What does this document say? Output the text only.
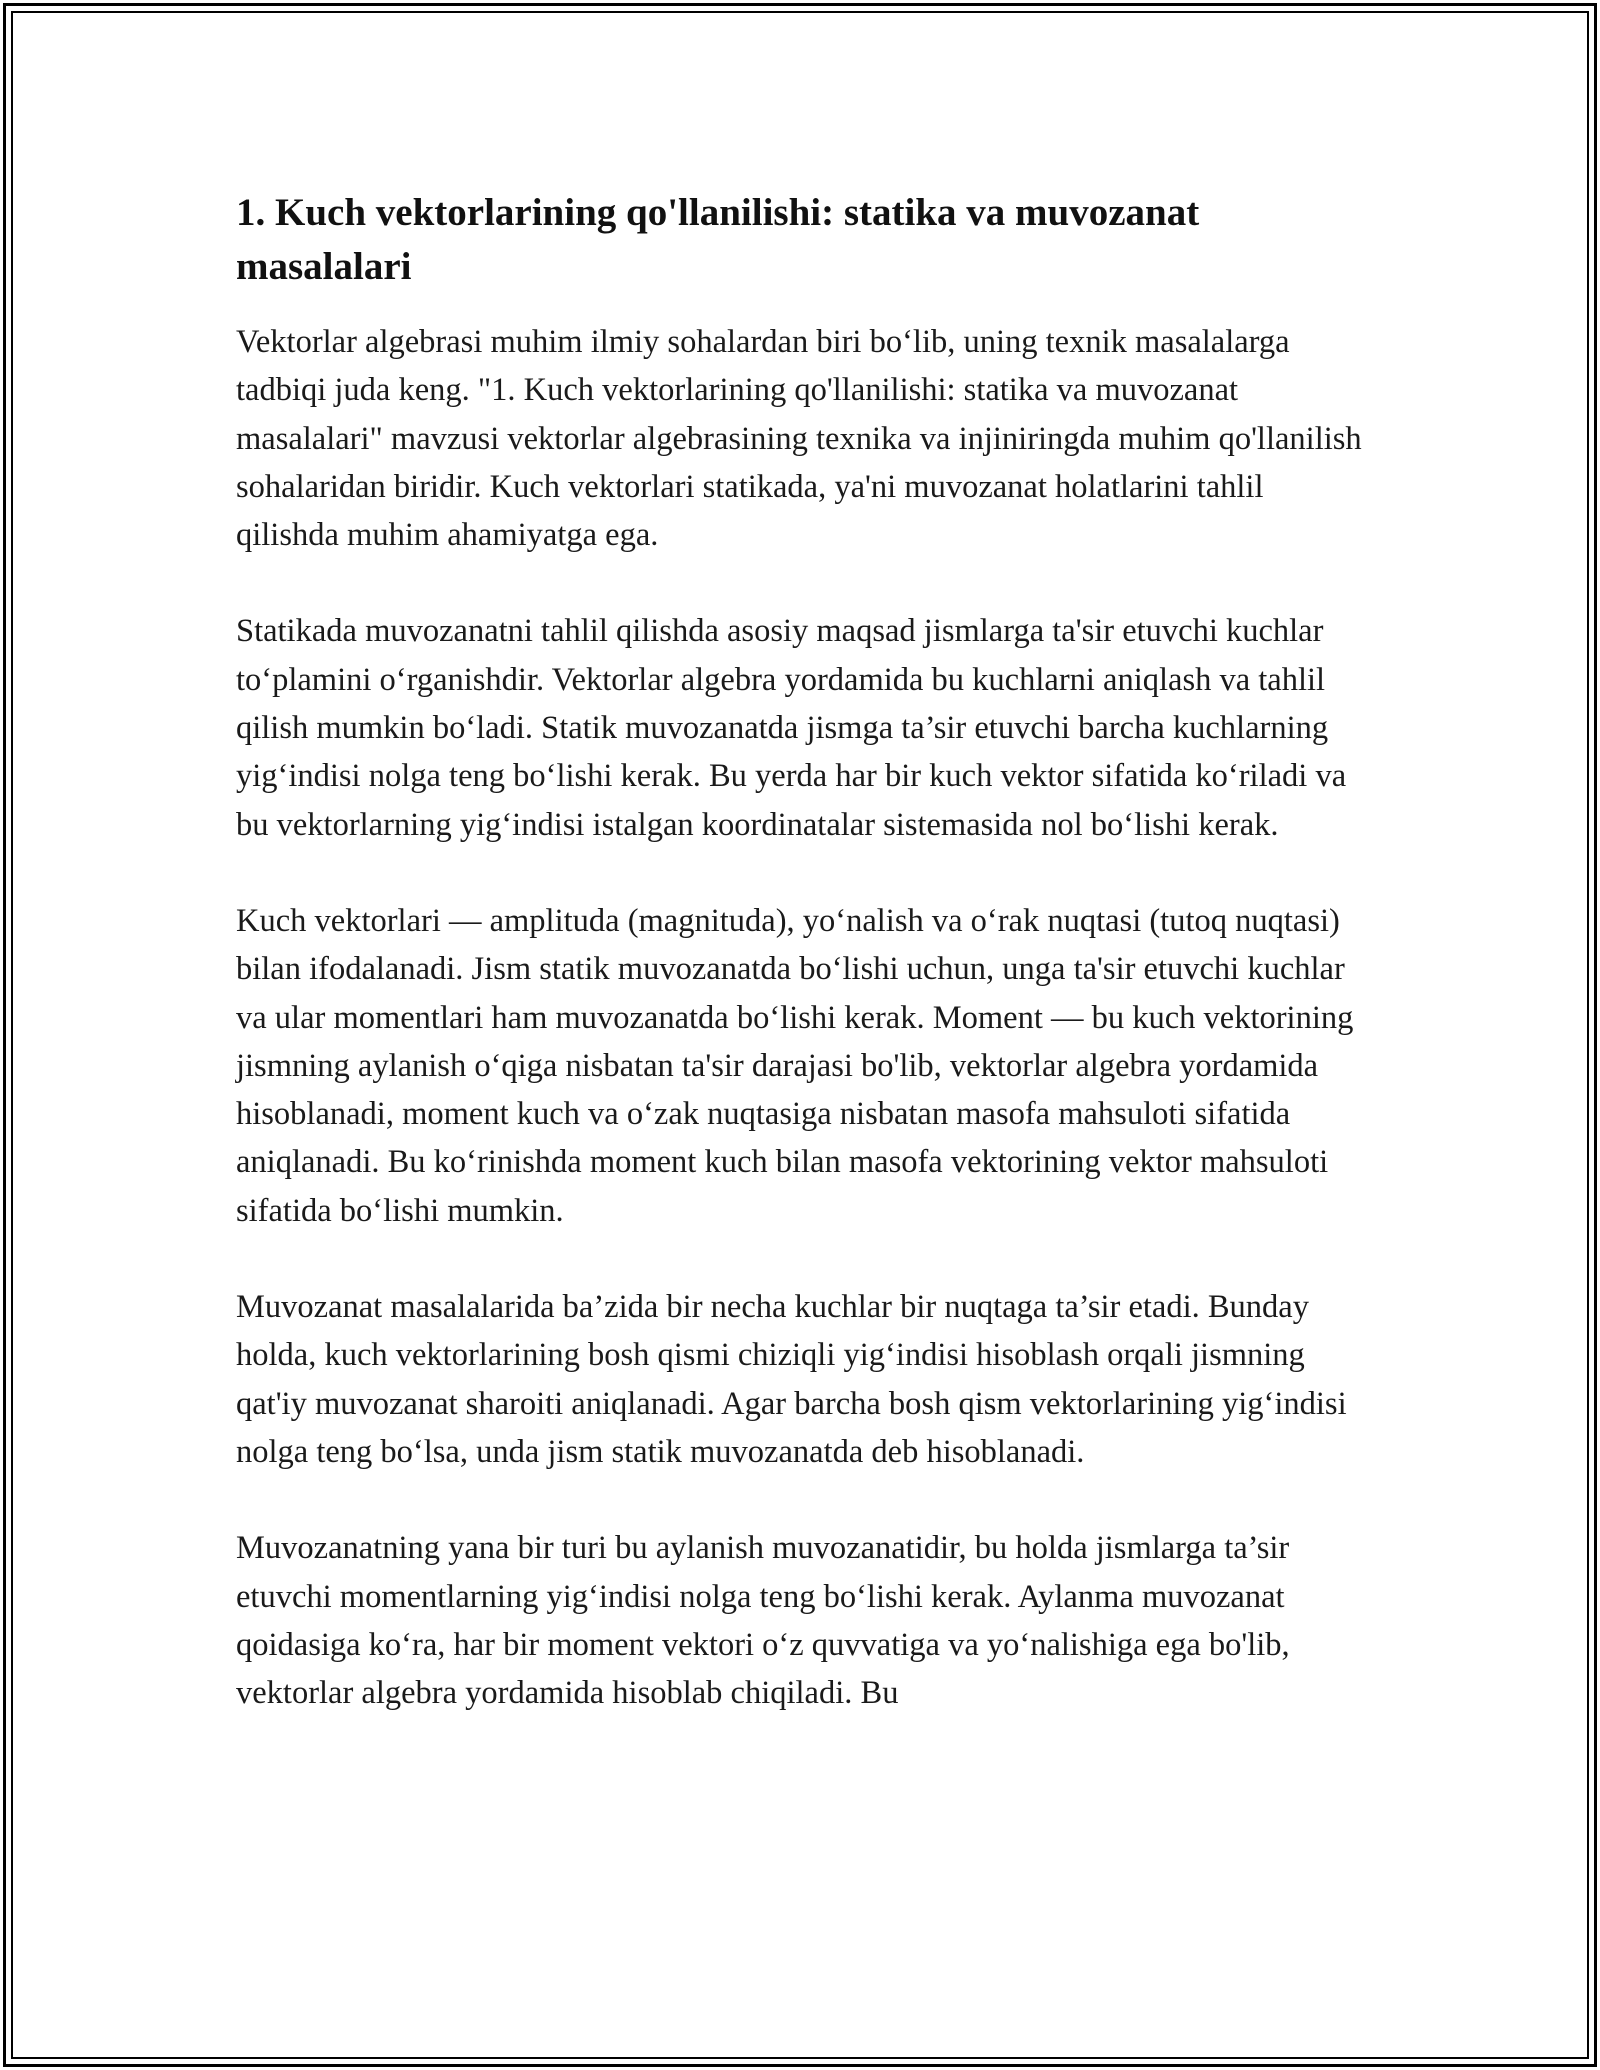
1. Kuch vektorlarining qo'llanilishi: statika va muvozanat masalalari

Vektorlar algebrasi muhim ilmiy sohalardan biri bo‘lib, uning texnik masalalarga tadbiqi juda keng. "1. Kuch vektorlarining qo'llanilishi: statika va muvozanat masalalari" mavzusi vektorlar algebrasining texnika va injiniringda muhim qo'llanilish sohalaridan biridir. Kuch vektorlari statikada, ya'ni muvozanat holatlarini tahlil qilishda muhim ahamiyatga ega.

Statikada muvozanatni tahlil qilishda asosiy maqsad jismlarga ta'sir etuvchi kuchlar to‘plamini o‘rganishdir. Vektorlar algebra yordamida bu kuchlarni aniqlash va tahlil qilish mumkin bo‘ladi. Statik muvozanatda jismga ta’sir etuvchi barcha kuchlarning yig‘indisi nolga teng bo‘lishi kerak. Bu yerda har bir kuch vektor sifatida ko‘riladi va bu vektorlarning yig‘indisi istalgan koordinatalar sistemasida nol bo‘lishi kerak.

Kuch vektorlari — amplituda (magnituda), yo‘nalish va o‘rak nuqtasi (tutoq nuqtasi) bilan ifodalanadi. Jism statik muvozanatda bo‘lishi uchun, unga ta'sir etuvchi kuchlar va ular momentlari ham muvozanatda bo‘lishi kerak. Moment — bu kuch vektorining jismning aylanish o‘qiga nisbatan ta'sir darajasi bo'lib, vektorlar algebra yordamida hisoblanadi, moment kuch va o‘zak nuqtasiga nisbatan masofa mahsuloti sifatida aniqlanadi. Bu ko‘rinishda moment kuch bilan masofa vektorining vektor mahsuloti sifatida bo‘lishi mumkin.

Muvozanat masalalarida ba’zida bir necha kuchlar bir nuqtaga ta’sir etadi. Bunday holda, kuch vektorlarining bosh qismi chiziqli yig‘indisi hisoblash orqali jismning qat'iy muvozanat sharoiti aniqlanadi. Agar barcha bosh qism vektorlarining yig‘indisi nolga teng bo‘lsa, unda jism statik muvozanatda deb hisoblanadi.

Muvozanatning yana bir turi bu aylanish muvozanatidir, bu holda jismlarga ta’sir etuvchi momentlarning yig‘indisi nolga teng bo‘lishi kerak. Aylanma muvozanat qoidasiga ko‘ra, har bir moment vektori o‘z quvvatiga va yo‘nalishiga ega bo'lib, vektorlar algebra yordamida hisoblab chiqiladi. Bu
